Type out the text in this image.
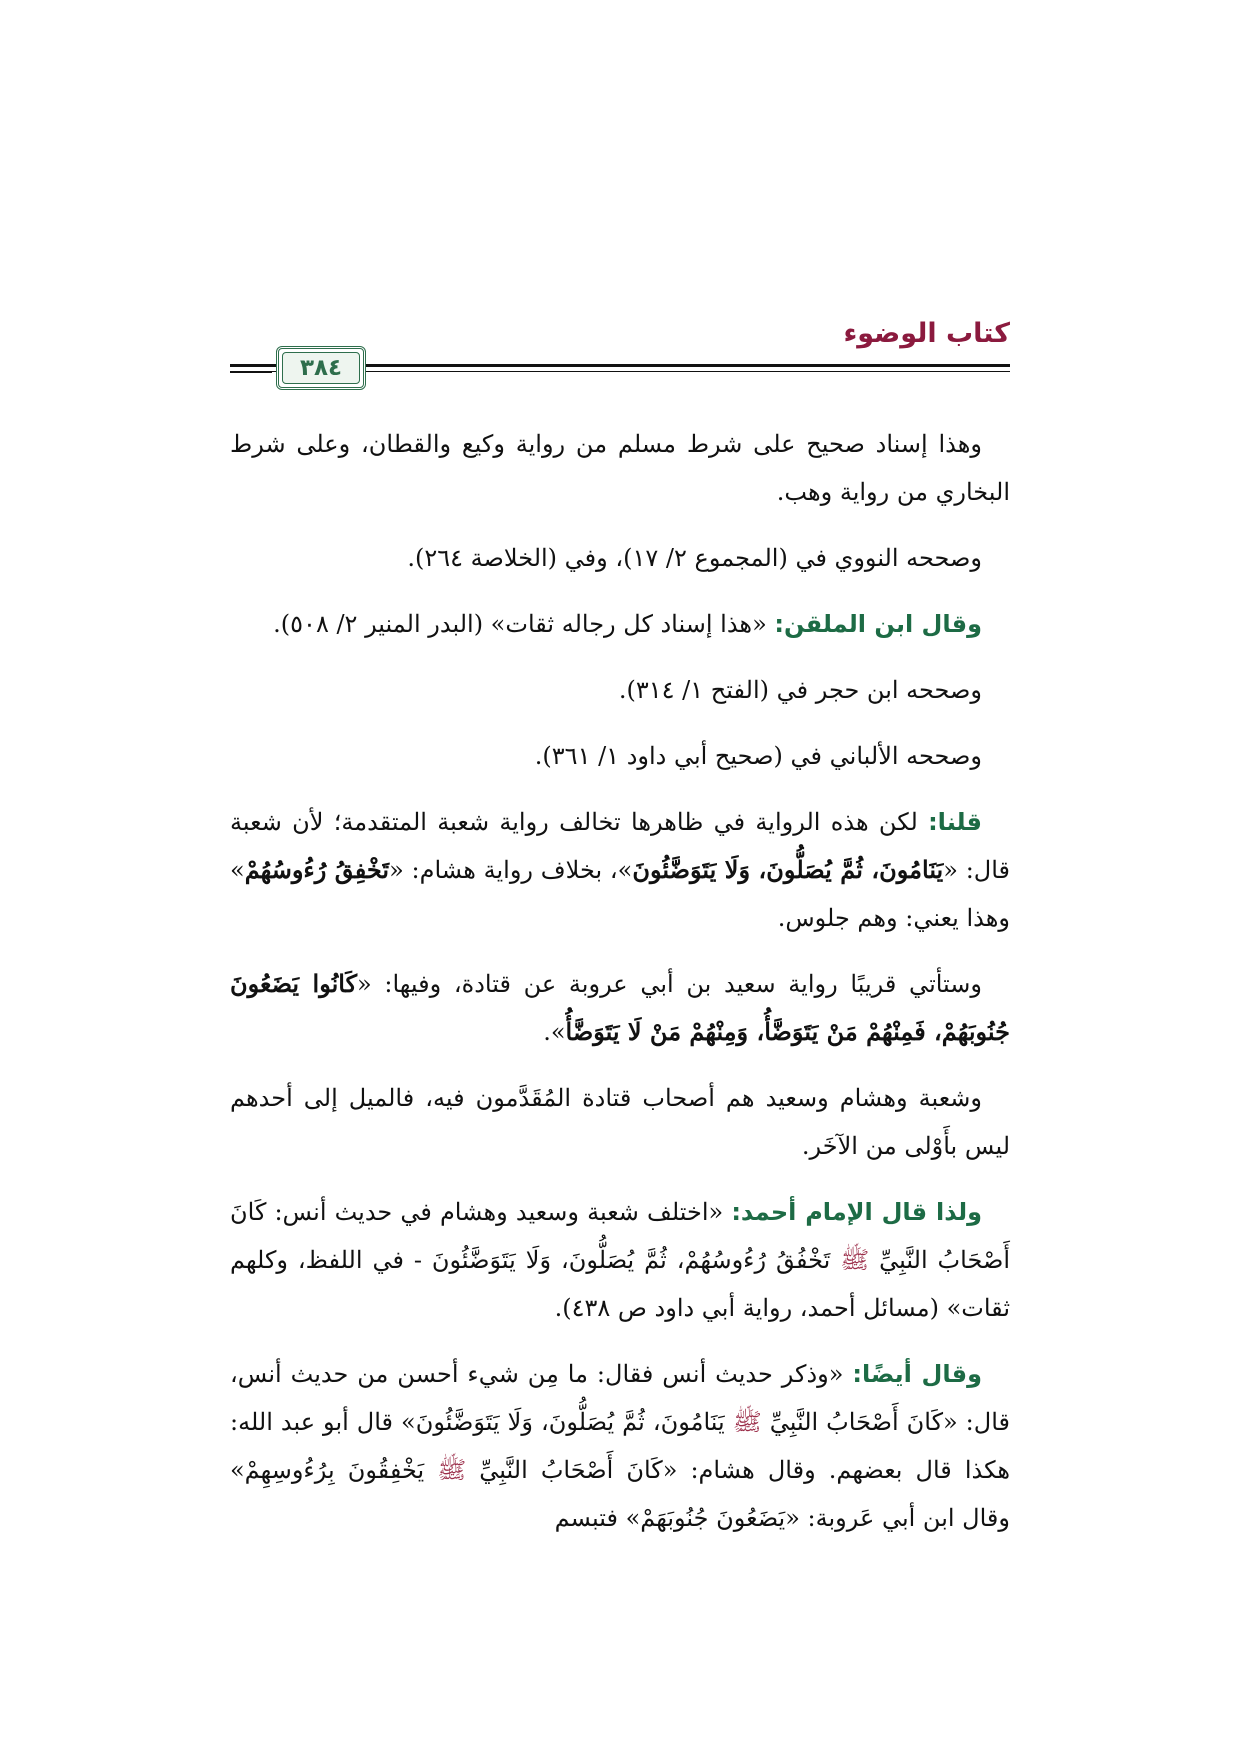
كتاب الوضوء
٣٨٤

وهذا إسناد صحيح على شرط مسلم من رواية وكيع والقطان، وعلى شرط البخاري من رواية وهب.

وصححه النووي في (المجموع ٢/ ١٧)، وفي (الخلاصة ٢٦٤).

وقال ابن الملقن: «هذا إسناد كل رجاله ثقات» (البدر المنير ٢/ ٥٠٨).

وصححه ابن حجر في (الفتح ١/ ٣١٤).

وصححه الألباني في (صحيح أبي داود ١/ ٣٦١).

قلنا: لكن هذه الرواية في ظاهرها تخالف رواية شعبة المتقدمة؛ لأن شعبة قال: «يَنَامُونَ، ثُمَّ يُصَلُّونَ، وَلَا يَتَوَضَّئُونَ»، بخلاف رواية هشام: «تَخْفِقُ رُءُوسُهُمْ» وهذا يعني: وهم جلوس.

وستأتي قريبًا رواية سعيد بن أبي عروبة عن قتادة، وفيها: «كَانُوا يَضَعُونَ جُنُوبَهُمْ، فَمِنْهُمْ مَنْ يَتَوَضَّأُ، وَمِنْهُمْ مَنْ لَا يَتَوَضَّأُ».

وشعبة وهشام وسعيد هم أصحاب قتادة المُقَدَّمون فيه، فالميل إلى أحدهم ليس بأَوْلى من الآخَر.

ولذا قال الإمام أحمد: «اختلف شعبة وسعيد وهشام في حديث أنس: كَانَ أَصْحَابُ النَّبِيِّ ﷺ تَخْفُقُ رُءُوسُهُمْ، ثُمَّ يُصَلُّونَ، وَلَا يَتَوَضَّئُونَ - في اللفظ، وكلهم ثقات» (مسائل أحمد، رواية أبي داود ص ٤٣٨).

وقال أيضًا: «وذكر حديث أنس فقال: ما مِن شيء أحسن من حديث أنس، قال: «كَانَ أَصْحَابُ النَّبِيِّ ﷺ يَنَامُونَ، ثُمَّ يُصَلُّونَ، وَلَا يَتَوَضَّئُونَ» قال أبو عبد الله: هكذا قال بعضهم. وقال هشام: «كَانَ أَصْحَابُ النَّبِيِّ ﷺ يَخْفِقُونَ بِرُءُوسِهِمْ» وقال ابن أبي عَروبة: «يَضَعُونَ جُنُوبَهَمْ» فتبسم
